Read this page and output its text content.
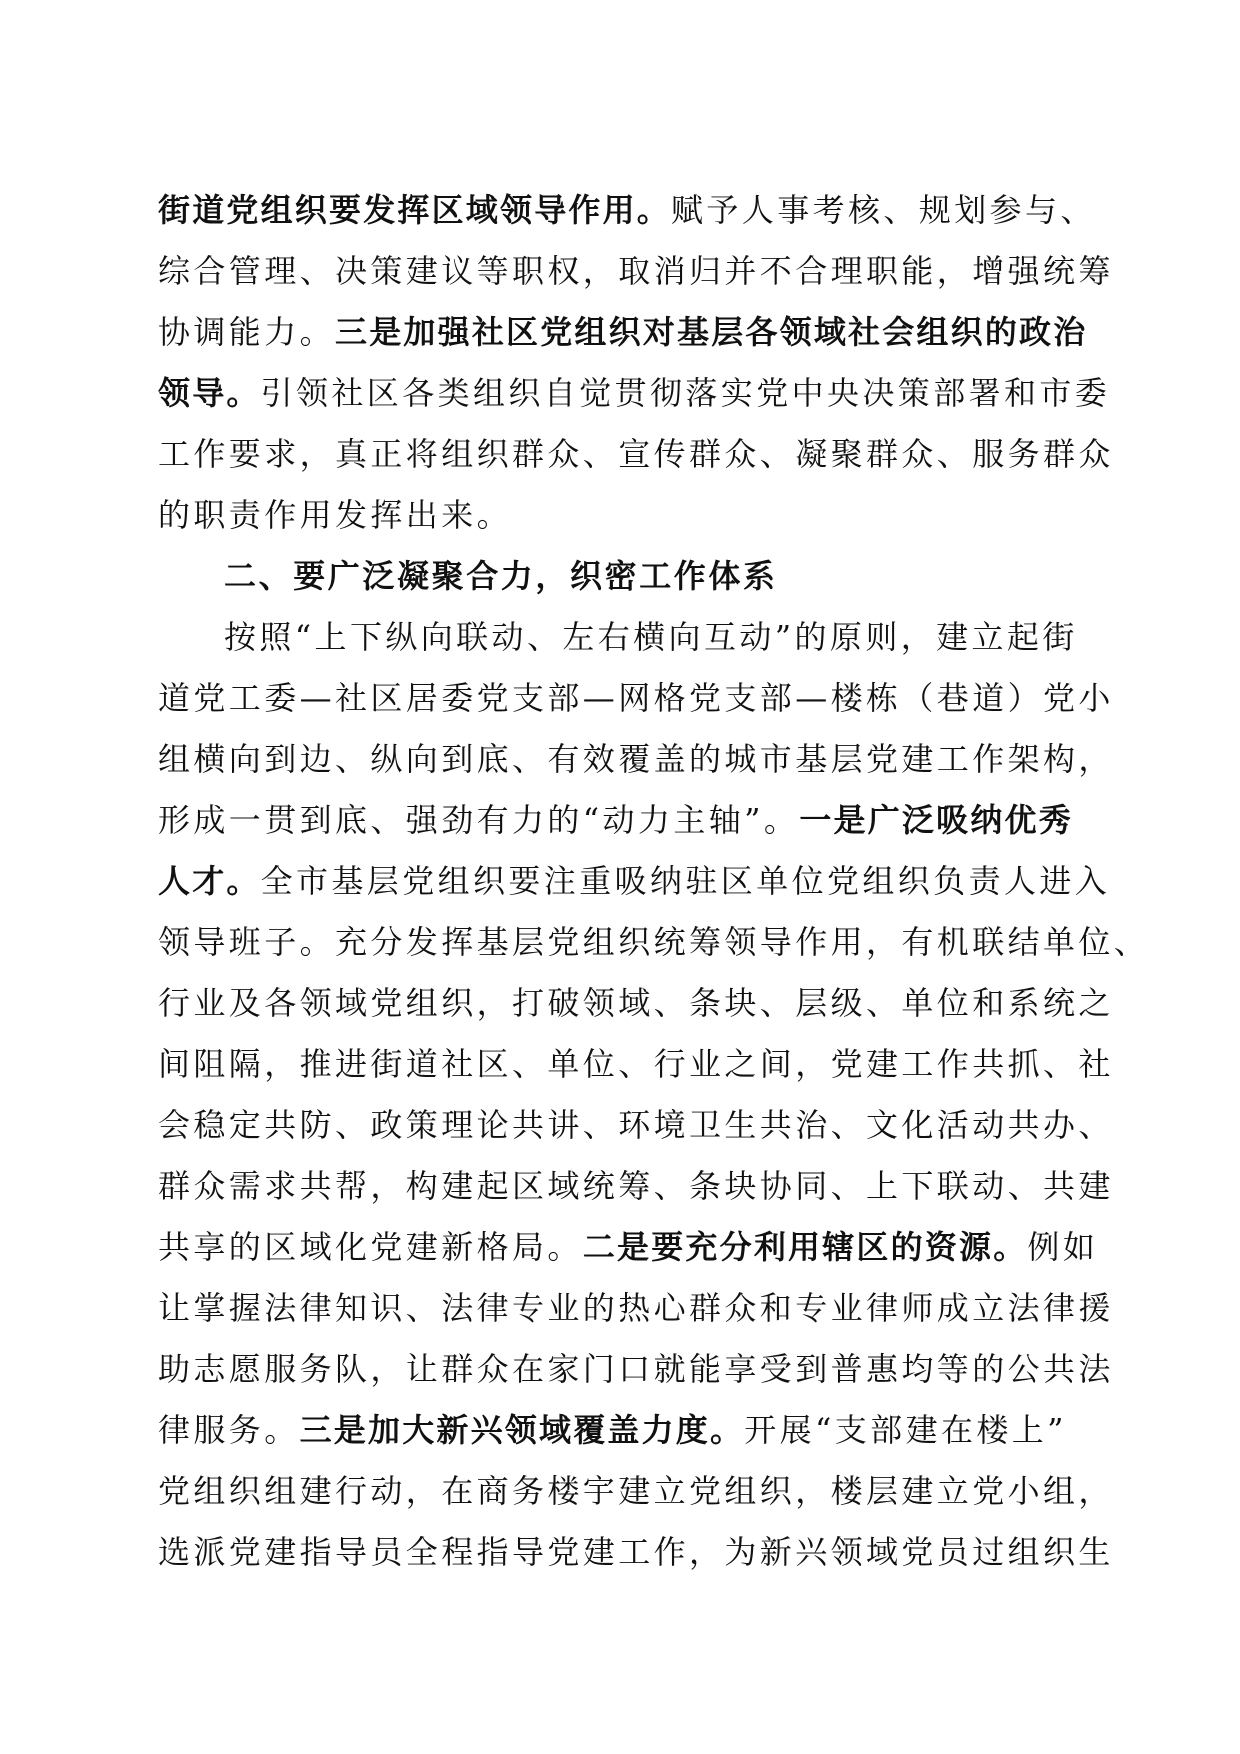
街道党组织要发挥区域领导作用。赋予人事考核、规划参与、
综合管理、决策建议等职权，取消归并不合理职能，增强统筹
协调能力。三是加强社区党组织对基层各领域社会组织的政治
领导。引领社区各类组织自觉贯彻落实党中央决策部署和市委
工作要求，真正将组织群众、宣传群众、凝聚群众、服务群众
的职责作用发挥出来。
二、要广泛凝聚合力，织密工作体系
按照“上下纵向联动、左右横向互动”的原则，建立起街
道党工委—社区居委党支部—网格党支部—楼栋（巷道）党小
组横向到边、纵向到底、有效覆盖的城市基层党建工作架构，
形成一贯到底、强劲有力的“动力主轴”。一是广泛吸纳优秀
人才。全市基层党组织要注重吸纳驻区单位党组织负责人进入
领导班子。充分发挥基层党组织统筹领导作用，有机联结单位、
行业及各领域党组织，打破领域、条块、层级、单位和系统之
间阻隔，推进街道社区、单位、行业之间，党建工作共抓、社
会稳定共防、政策理论共讲、环境卫生共治、文化活动共办、
群众需求共帮，构建起区域统筹、条块协同、上下联动、共建
共享的区域化党建新格局。二是要充分利用辖区的资源。例如
让掌握法律知识、法律专业的热心群众和专业律师成立法律援
助志愿服务队，让群众在家门口就能享受到普惠均等的公共法
律服务。三是加大新兴领域覆盖力度。开展“支部建在楼上”
党组织组建行动，在商务楼宇建立党组织，楼层建立党小组，
选派党建指导员全程指导党建工作，为新兴领域党员过组织生
